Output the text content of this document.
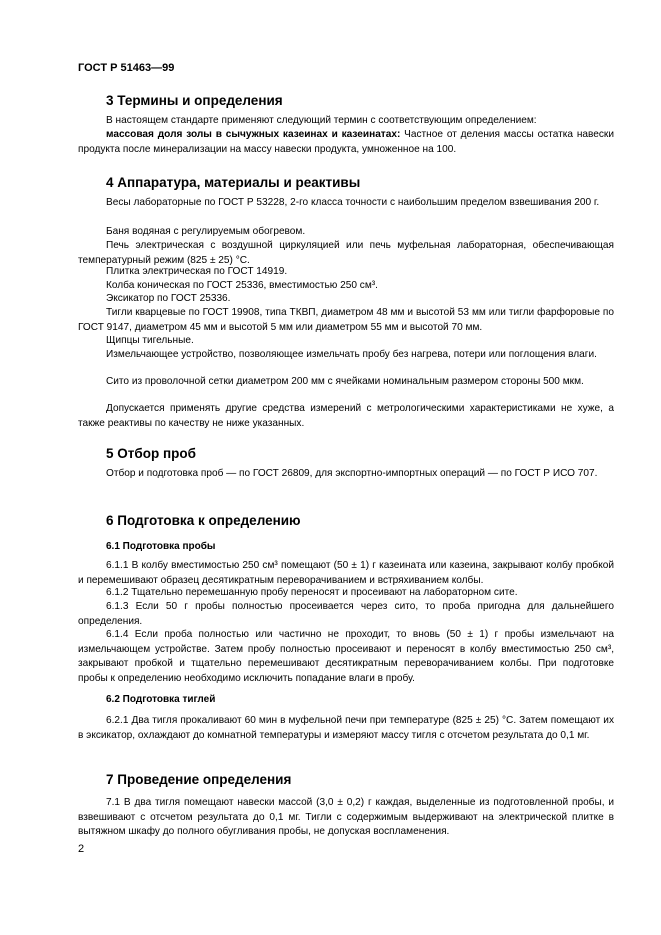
ГОСТ Р 51463—99
3 Термины и определения

В настоящем стандарте применяют следующий термин с соответствующим определением:

массовая доля золы в сычужных казеинах и казеинатах: Частное от деления массы остатка навески продукта после минерализации на массу навески продукта, умноженное на 100.

4 Аппаратура, материалы и реактивы

Весы лабораторные по ГОСТ Р 53228, 2-го класса точности с наибольшим пределом взвешивания 200 г.

Баня водяная с регулируемым обогревом.

Печь электрическая с воздушной циркуляцией или печь муфельная лабораторная, обеспечивающая температурный режим (825 ± 25) °С.

Плитка электрическая по ГОСТ 14919.

Колба коническая по ГОСТ 25336, вместимостью 250 см³.

Эксикатор по ГОСТ 25336.

Тигли кварцевые по ГОСТ 19908, типа ТКВП, диаметром 48 мм и высотой 53 мм или тигли фарфоровые по ГОСТ 9147, диаметром 45 мм и высотой 5 мм или диаметром 55 мм и высотой 70 мм.

Щипцы тигельные.

Измельчающее устройство, позволяющее измельчать пробу без нагрева, потери или поглощения влаги.

Сито из проволочной сетки диаметром 200 мм с ячейками номинальным размером стороны 500 мкм.

Допускается применять другие средства измерений с метрологическими характеристиками не хуже, а также реактивы по качеству не ниже указанных.

5 Отбор проб

Отбор и подготовка проб — по ГОСТ 26809, для экспортно-импортных операций — по ГОСТ Р ИСО 707.

6 Подготовка к определению
6.1 Подготовка пробы

6.1.1 В колбу вместимостью 250 см³ помещают (50 ± 1) г казеината или казеина, закрывают колбу пробкой и перемешивают образец десятикратным переворачиванием и встряхиванием колбы.

6.1.2 Тщательно перемешанную пробу переносят и просеивают на лабораторном сите.

6.1.3 Если 50 г пробы полностью просеивается через сито, то проба пригодна для дальнейшего определения.

6.1.4 Если проба полностью или частично не проходит, то вновь (50 ± 1) г пробы измельчают на измельчающем устройстве. Затем пробу полностью просеивают и переносят в колбу вместимостью 250 см³, закрывают пробкой и тщательно перемешивают десятикратным переворачиванием колбы. При подготовке пробы к определению необходимо исключить попадание влаги в пробу.

6.2 Подготовка тиглей

6.2.1 Два тигля прокаливают 60 мин в муфельной печи при температуре (825 ± 25) °С. Затем помещают их в эксикатор, охлаждают до комнатной температуры и измеряют массу тигля с отсчетом результата до 0,1 мг.

7 Проведение определения

7.1 В два тигля помещают навески массой (3,0 ± 0,2) г каждая, выделенные из подготовленной пробы, и взвешивают с отсчетом результата до 0,1 мг. Тигли с содержимым выдерживают на электрической плитке в вытяжном шкафу до полного обугливания пробы, не допуская воспламенения.

2
